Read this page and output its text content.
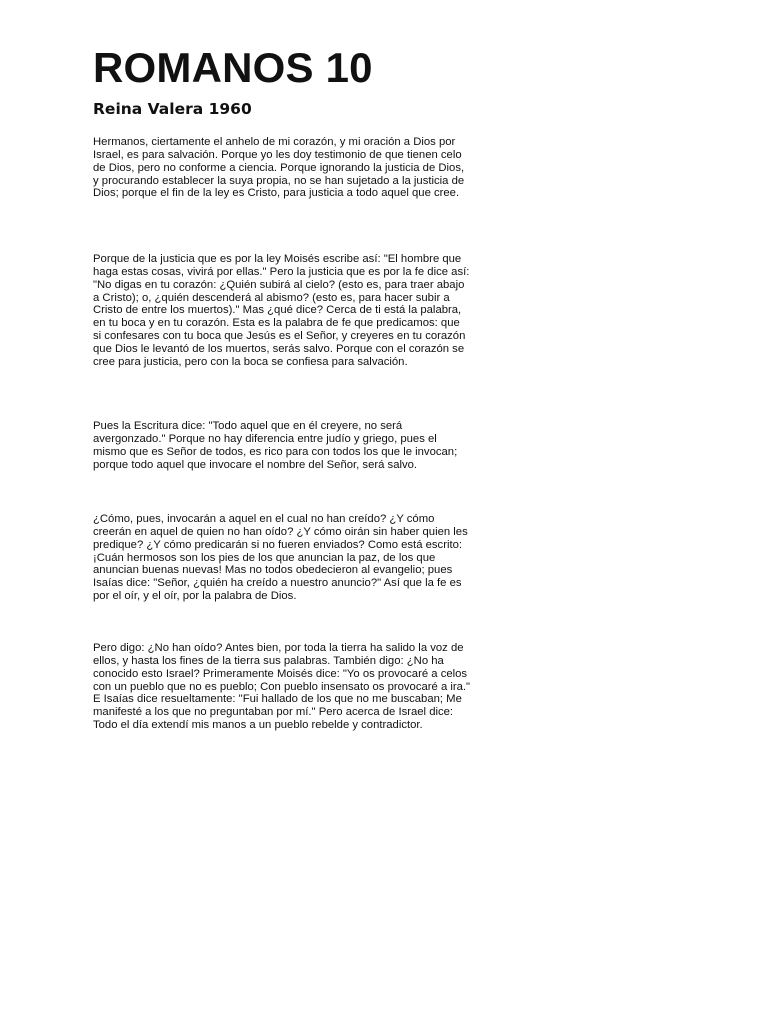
ROMANOS 10
Reina Valera 1960

Hermanos, ciertamente el anhelo de mi corazón, y mi oración a Dios por Israel, es para salvación. Porque yo les doy testimonio de que tienen celo de Dios, pero no conforme a ciencia. Porque ignorando la justicia de Dios, y procurando establecer la suya propia, no se han sujetado a la justicia de Dios; porque el fin de la ley es Cristo, para justicia a todo aquel que cree.

Porque de la justicia que es por la ley Moisés escribe así: "El hombre que haga estas cosas, vivirá por ellas." Pero la justicia que es por la fe dice así: "No digas en tu corazón: ¿Quién subirá al cielo? (esto es, para traer abajo a Cristo); o, ¿quién descenderá al abismo? (esto es, para hacer subir a Cristo de entre los muertos)." Mas ¿qué dice? Cerca de ti está la palabra, en tu boca y en tu corazón. Esta es la palabra de fe que predicamos: que si confesares con tu boca que Jesús es el Señor, y creyeres en tu corazón que Dios le levantó de los muertos, serás salvo. Porque con el corazón se cree para justicia, pero con la boca se confiesa para salvación.

Pues la Escritura dice: "Todo aquel que en él creyere, no será avergonzado." Porque no hay diferencia entre judío y griego, pues el mismo que es Señor de todos, es rico para con todos los que le invocan; porque todo aquel que invocare el nombre del Señor, será salvo.

¿Cómo, pues, invocarán a aquel en el cual no han creído? ¿Y cómo creerán en aquel de quien no han oído? ¿Y cómo oirán sin haber quien les predique? ¿Y cómo predicarán si no fueren enviados? Como está escrito: ¡Cuán hermosos son los pies de los que anuncian la paz, de los que anuncian buenas nuevas! Mas no todos obedecieron al evangelio; pues Isaías dice: "Señor, ¿quién ha creído a nuestro anuncio?" Así que la fe es por el oír, y el oír, por la palabra de Dios.

Pero digo: ¿No han oído? Antes bien, por toda la tierra ha salido la voz de ellos, y hasta los fines de la tierra sus palabras. También digo: ¿No ha conocido esto Israel? Primeramente Moisés dice: "Yo os provocaré a celos con un pueblo que no es pueblo; Con pueblo insensato os provocaré a ira." E Isaías dice resueltamente: "Fui hallado de los que no me buscaban; Me manifesté a los que no preguntaban por mí." Pero acerca de Israel dice: Todo el día extendí mis manos a un pueblo rebelde y contradictor.
